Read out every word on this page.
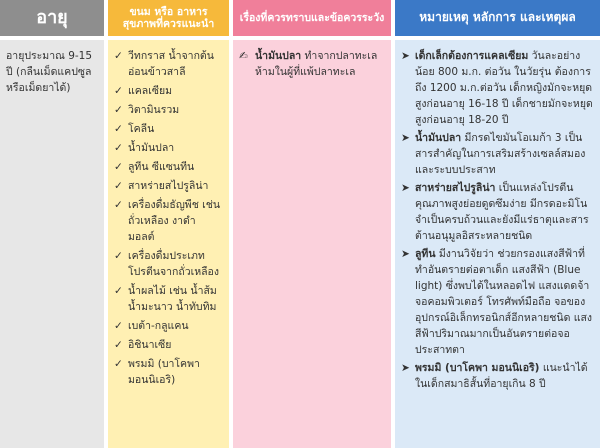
อายุ
อายุประมาณ 9-15 ปี (กลืนเม็ดแคปซูลหรือเม็ดยาได้)
ขนม หรือ อาหารสุขภาพที่ควรแนะนำ
✓ วีทกราส น้ำจากต้นอ่อนข้าวสาลี
✓ แคลเซียม
✓ วิตามินรวม
✓ โคลีน
✓ น้ำมันปลา
✓ ลูทีน ซีแซนทีน
✓ สาหร่ายสไปรูลิน่า
✓ เครื่องดื่มธัญพืช เช่น ถั่วเหลือง งาดำ มอลต์
✓ เครื่องดื่มประเภทโปรตีนจากถั่วเหลือง
✓ น้ำผลไม้ เช่น น้ำส้ม น้ำมะนาว น้ำทับทิม
✓ เบต้า-กลูแคน
✓ อิชินาเซีย
✓ พรมมิ (บาโคพา มอนนิเอริ)
เรื่องที่ควรทราบและข้อควรระวัง
✍ น้ำมันปลา ทำจากปลาทะเล ห้ามในผู้ที่แพ้ปลาทะเล
หมายเหตุ หลักการ และเหตุผล
➤ เด็กเล็กต้องการแคลเซียม วันละอย่างน้อย 800 ม.ก. ต่อวัน ในวัยรุ่น ต้องการถึง 1200 ม.ก.ต่อวัน เด็กหญิงมักจะหยุดสูงก่อนอายุ 16-18 ปี เด็กชายมักจะหยุดสูงก่อนอายุ 18-20 ปี
➤ น้ำมันปลา มีกรดไขมันโอเมก้า 3 เป็นสารสำคัญในการเสริมสร้างเซลล์สมองและระบบประสาท
➤ สาหร่ายสไปรูลิน่า เป็นแหล่งโปรตีนคุณภาพสูงย่อยดูดซึมง่าย มีกรดอะมิโนจำเป็นครบถ้วนและยังมีแร่ธาตุและสารต้านอนุมูลอิสระหลายชนิด
➤ ลูทีน มีงานวิจัยว่า ช่วยกรองแสงสีฟ้าที่ทำอันตรายต่อตาเด็ก แสงสีฟ้า (Blue light) ซึ่งพบได้ในหลอดไฟ แสงแดดจ้า จอคอมพิวเตอร์ โทรศัพท์มือถือ จอของอุปกรณ์อิเล็กทรอนิกส์อีกหลายชนิด แสงสีฟ้าปริมาณมากเป็นอันตรายต่อจอประสาทตา
➤ พรมมิ (บาโคพา มอนนิเอริ) แนะนำได้ในเด็กสมาธิสั้นที่อายุเกิน 8 ปี
